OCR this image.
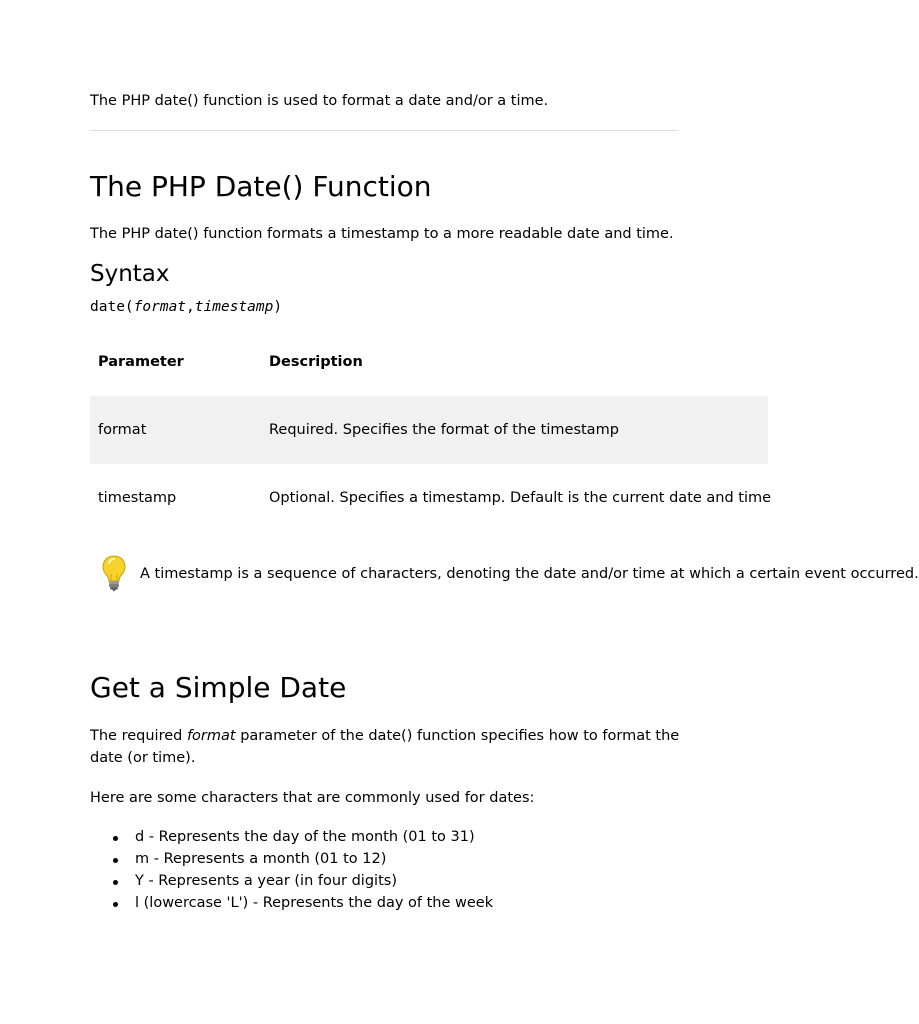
The PHP date() function is used to format a date and/or a time.
The PHP Date() Function
The PHP date() function formats a timestamp to a more readable date and time.
Syntax
date(format,timestamp)
Parameter	Description
format	Required. Specifies the format of the timestamp
timestamp	Optional. Specifies a timestamp. Default is the current date and time
A timestamp is a sequence of characters, denoting the date and/or time at which a certain event occurred.
Get a Simple Date
The required format parameter of the date() function specifies how to format the date (or time).
Here are some characters that are commonly used for dates:
d - Represents the day of the month (01 to 31)
m - Represents a month (01 to 12)
Y - Represents a year (in four digits)
l (lowercase 'L') - Represents the day of the week
